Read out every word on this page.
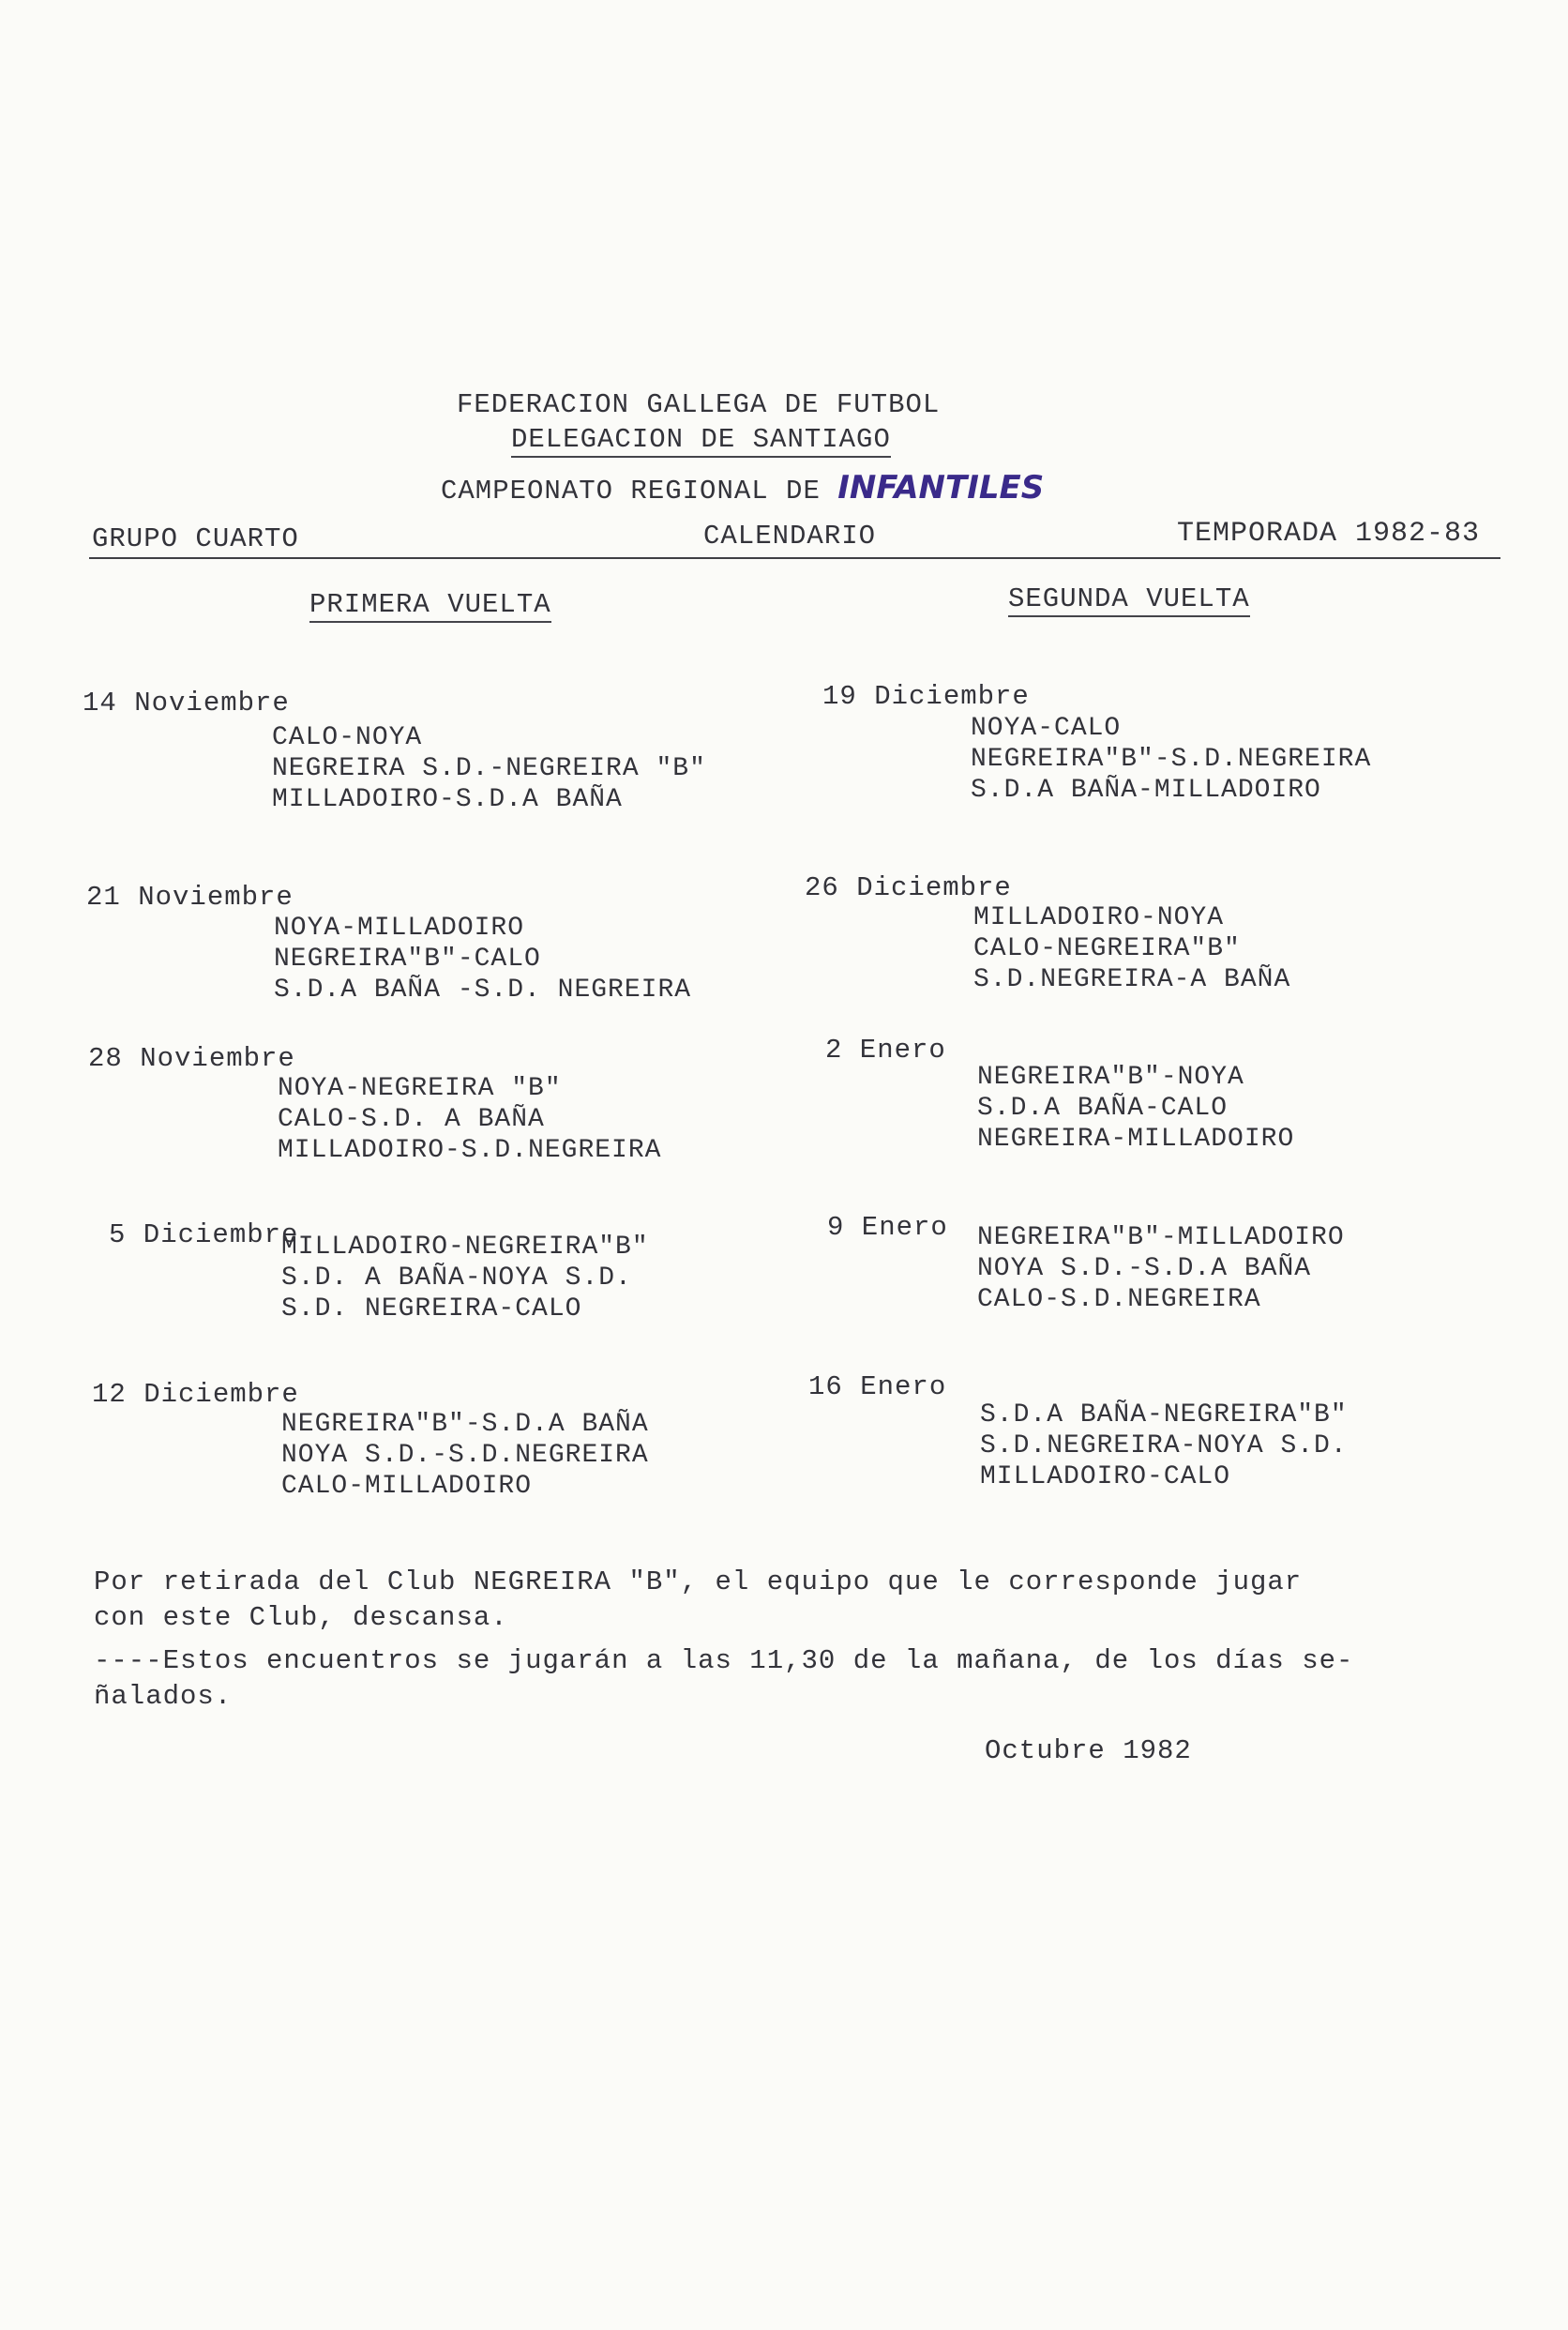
FEDERACION GALLEGA DE FUTBOL
DELEGACION DE SANTIAGO
CAMPEONATO REGIONAL DE INFANTILES
GRUPO CUARTO	CALENDARIO	TEMPORADA 1982-83
PRIMERA VUELTA	SEGUNDA VUELTA
14 Noviembre
CALO-NOYA
NEGREIRA S.D.-NEGREIRA "B"
MILLADOIRO-S.D.A BAÑA
21 Noviembre
NOYA-MILLADOIRO
NEGREIRA"B"-CALO
S.D.A BAÑA -S.D. NEGREIRA
28 Noviembre
NOYA-NEGREIRA "B"
CALO-S.D. A BAÑA
MILLADOIRO-S.D.NEGREIRA
5 Diciembre
MILLADOIRO-NEGREIRA"B"
S.D. A BAÑA-NOYA S.D.
S.D. NEGREIRA-CALO
12 Diciembre
NEGREIRA"B"-S.D.A BAÑA
NOYA S.D.-S.D.NEGREIRA
CALO-MILLADOIRO
19 Diciembre
NOYA-CALO
NEGREIRA"B"-S.D.NEGREIRA
S.D.A BAÑA-MILLADOIRO
26 Diciembre
MILLADOIRO-NOYA
CALO-NEGREIRA"B"
S.D.NEGREIRA-A BAÑA
2 Enero
NEGREIRA"B"-NOYA
S.D.A BAÑA-CALO
NEGREIRA-MILLADOIRO
9 Enero NEGREIRA"B"-MILLADOIRO
NOYA S.D.-S.D.A BAÑA
CALO-S.D.NEGREIRA
16 Enero
S.D.A BAÑA-NEGREIRA"B"
S.D.NEGREIRA-NOYA S.D.
MILLADOIRO-CALO
Por retirada del Club NEGREIRA "B", el equipo que le corresponde jugar
con este Club, descansa.
----Estos encuentros se jugarán a las 11,30 de la mañana, de los días se-
ñalados.
Octubre 1982
